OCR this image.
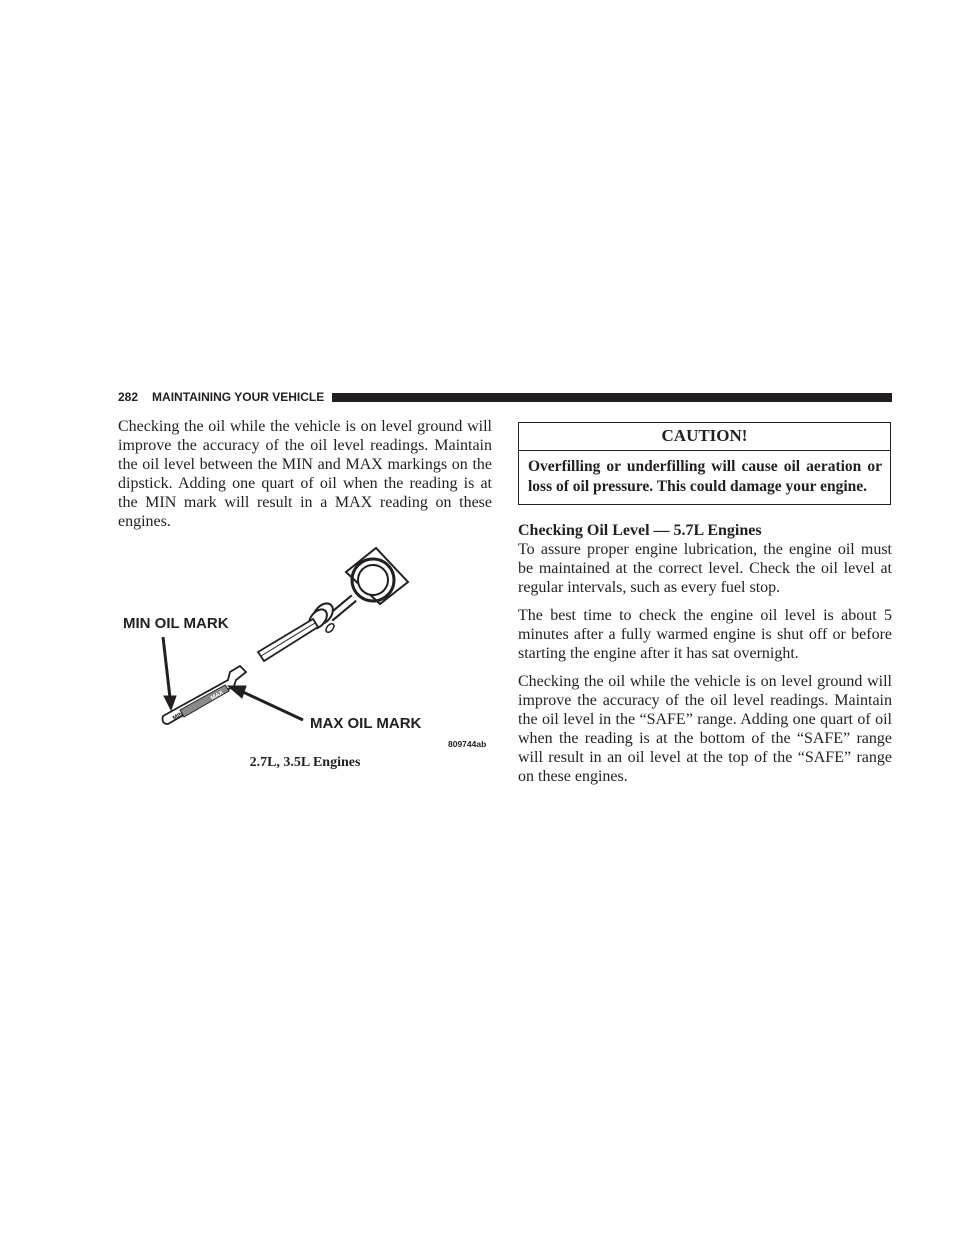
282 MAINTAINING YOUR VEHICLE

Checking the oil while the vehicle is on level ground will improve the accuracy of the oil level readings. Maintain the oil level between the MIN and MAX markings on the dipstick. Adding one quart of oil when the reading is at the MIN mark will result in a MAX reading on these engines.

MIN
MAX
MIN OIL MARK
MAX OIL MARK
809744ab
2.7L, 3.5L Engines
CAUTION!
Overfilling or underfilling will cause oil aeration or loss of oil pressure. This could damage your engine.
Checking Oil Level — 5.7L Engines

To assure proper engine lubrication, the engine oil must be maintained at the correct level. Check the oil level at regular intervals, such as every fuel stop.

The best time to check the engine oil level is about 5 minutes after a fully warmed engine is shut off or before starting the engine after it has sat overnight.

Checking the oil while the vehicle is on level ground will improve the accuracy of the oil level readings. Maintain the oil level in the “SAFE” range. Adding one quart of oil when the reading is at the bottom of the “SAFE” range will result in an oil level at the top of the “SAFE” range on these engines.
